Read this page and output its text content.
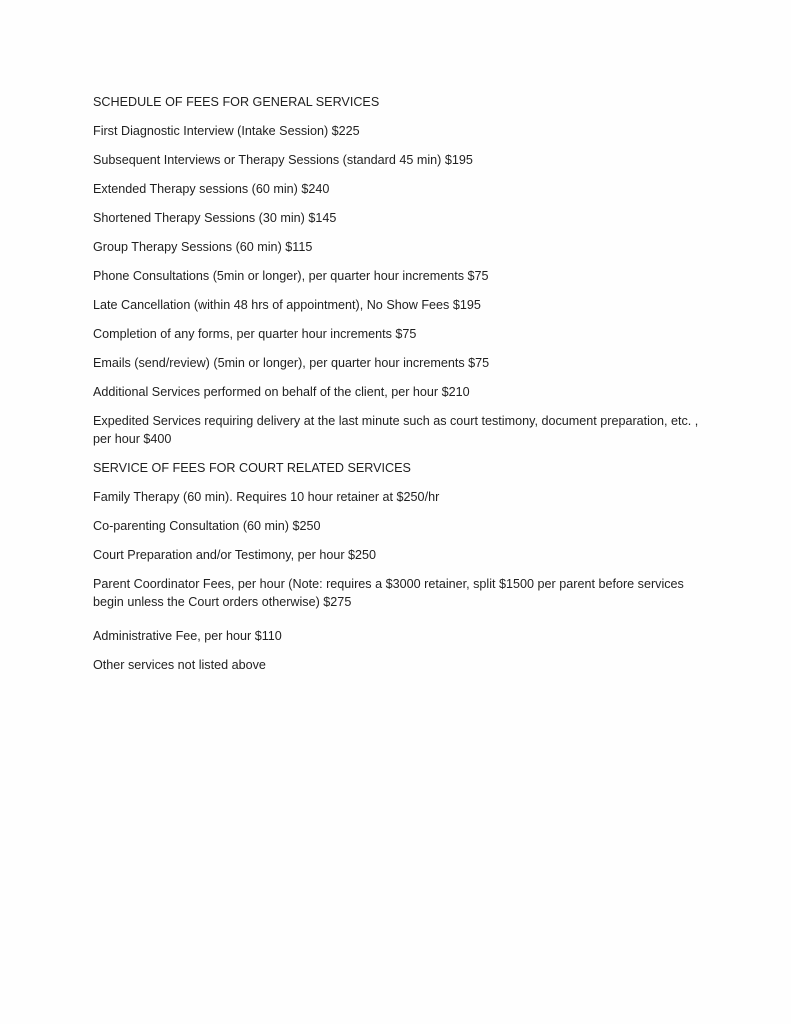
SCHEDULE OF FEES FOR GENERAL SERVICES

First Diagnostic Interview (Intake Session) $225

Subsequent Interviews or Therapy Sessions (standard 45 min) $195

Extended Therapy sessions (60 min) $240

Shortened Therapy Sessions (30 min) $145

Group Therapy Sessions (60 min) $115

Phone Consultations (5min or longer), per quarter hour increments $75

Late Cancellation (within 48 hrs of appointment), No Show Fees $195

Completion of any forms, per quarter hour increments $75

Emails (send/review) (5min or longer), per quarter hour increments $75

Additional Services performed on behalf of the client, per hour $210

Expedited Services requiring delivery at the last minute such as court testimony, document preparation, etc. , per hour $400

SERVICE OF FEES FOR COURT RELATED SERVICES

Family Therapy (60 min). Requires 10 hour retainer at $250/hr

Co-parenting Consultation (60 min) $250

Court Preparation and/or Testimony, per hour $250

Parent Coordinator Fees, per hour (Note: requires a $3000 retainer, split $1500 per parent before services begin unless the Court orders otherwise) $275

Administrative Fee, per hour $110

Other services not listed above
